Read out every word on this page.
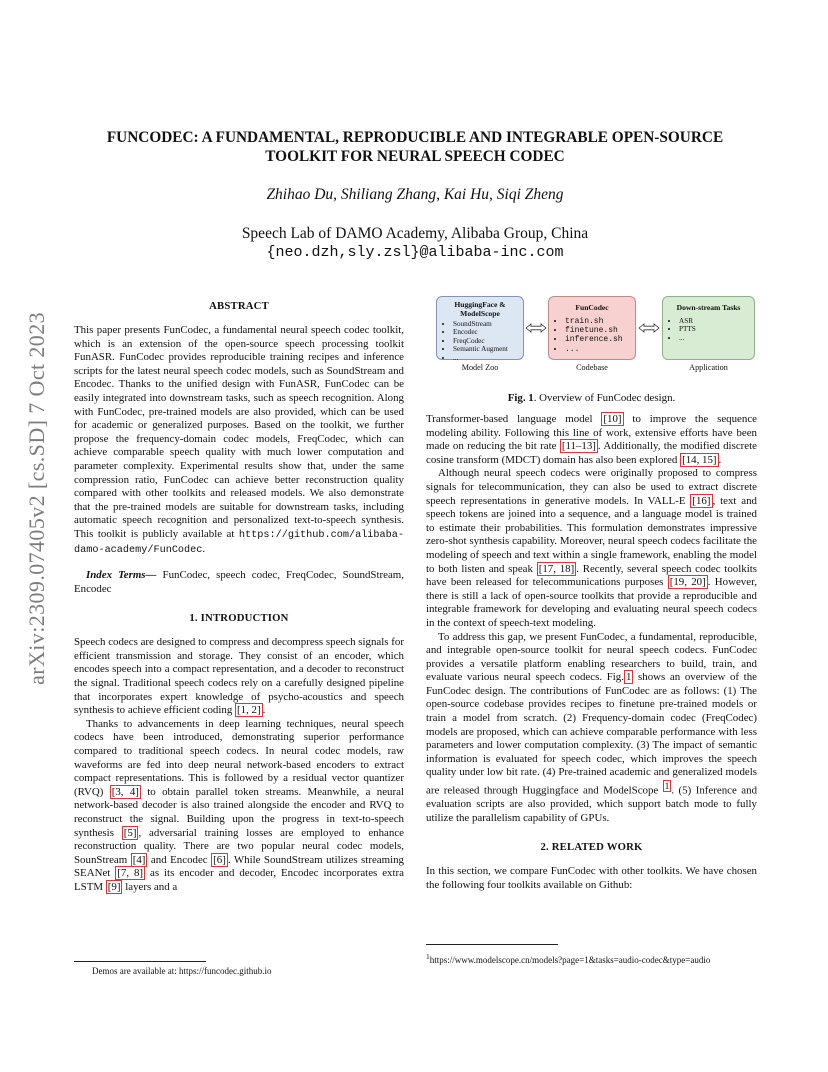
arXiv:2309.07405v2 [cs.SD] 7 Oct 2023
FUNCODEC: A FUNDAMENTAL, REPRODUCIBLE AND INTEGRABLE OPEN-SOURCE
TOOLKIT FOR NEURAL SPEECH CODEC
Zhihao Du, Shiliang Zhang, Kai Hu, Siqi Zheng
Speech Lab of DAMO Academy, Alibaba Group, China
{neo.dzh,sly.zsl}@alibaba-inc.com
ABSTRACT

This paper presents FunCodec, a fundamental neural speech codec toolkit, which is an extension of the open-source speech processing toolkit FunASR. FunCodec provides reproducible training recipes and inference scripts for the latest neural speech codec models, such as SoundStream and Encodec. Thanks to the unified design with FunASR, FunCodec can be easily integrated into downstream tasks, such as speech recognition. Along with FunCodec, pre-trained models are also provided, which can be used for academic or generalized purposes. Based on the toolkit, we further propose the frequency-domain codec models, FreqCodec, which can achieve comparable speech quality with much lower computation and parameter complexity. Experimental results show that, under the same compression ratio, FunCodec can achieve better reconstruction quality compared with other toolkits and released models. We also demonstrate that the pre-trained models are suitable for downstream tasks, including automatic speech recognition and personalized text-to-speech synthesis. This toolkit is publicly available at https://github.com/alibaba-damo-academy/FunCodec.

Index Terms— FunCodec, speech codec, FreqCodec, SoundStream, Encodec

1. INTRODUCTION

Speech codecs are designed to compress and decompress speech signals for efficient transmission and storage. They consist of an encoder, which encodes speech into a compact representation, and a decoder to reconstruct the signal. Traditional speech codecs rely on a carefully designed pipeline that incorporates expert knowledge of psycho-acoustics and speech synthesis to achieve efficient coding [1, 2] .

Thanks to advancements in deep learning techniques, neural speech codecs have been introduced, demonstrating superior performance compared to traditional speech codecs. In neural codec models, raw waveforms are fed into deep neural network-based encoders to extract compact representations. This is followed by a residual vector quantizer (RVQ) [3, 4] to obtain parallel token streams. Meanwhile, a neural network-based decoder is also trained alongside the encoder and RVQ to reconstruct the signal. Building upon the progress in text-to-speech synthesis [5] , adversarial training losses are employed to enhance reconstruction quality. There are two popular neural codec models, SounStream [4] and Encodec [6] . While SoundStream utilizes streaming SEANet [7, 8] as its encoder and decoder, Encodec incorporates extra LSTM [9] layers and a

Demos are available at: https://funcodec.github.io
HuggingFace & ModelScope
• SoundStream
• Encodec
• FreqCodec
• Semantic Augment
• ...
FunCodec
• train.sh
• finetune.sh
• inference.sh
• ...
Down-stream Tasks
• ASR
• PTTS
• ...
Model Zoo	Codebase	Application
Fig. 1. Overview of FunCodec design.

Transformer-based language model [10] to improve the sequence modeling ability. Following this line of work, extensive efforts have been made on reducing the bit rate [11–13] . Additionally, the modified discrete cosine transform (MDCT) domain has also been explored [14, 15] .

Although neural speech codecs were originally proposed to compress signals for telecommunication, they can also be used to extract discrete speech representations in generative models. In VALL-E [16] , text and speech tokens are joined into a sequence, and a language model is trained to estimate their probabilities. This formulation demonstrates impressive zero-shot synthesis capability. Moreover, neural speech codecs facilitate the modeling of speech and text within a single framework, enabling the model to both listen and speak [17, 18] . Recently, several speech codec toolkits have been released for telecommunications purposes [19, 20] . However, there is still a lack of open-source toolkits that provide a reproducible and integrable framework for developing and evaluating neural speech codecs in the context of speech-text modeling.

To address this gap, we present FunCodec, a fundamental, reproducible, and integrable open-source toolkit for neural speech codecs. FunCodec provides a versatile platform enabling researchers to build, train, and evaluate various neural speech codecs. Fig. 1 shows an overview of the FunCodec design. The contributions of FunCodec are as follows: (1) The open-source codebase provides recipes to finetune pre-trained models or train a model from scratch. (2) Frequency-domain codec (FreqCodec) models are proposed, which can achieve comparable performance with less parameters and lower computation complexity. (3) The impact of semantic information is evaluated for speech codec, which improves the speech quality under low bit rate. (4) Pre-trained academic and generalized models are released through Huggingface and ModelScope $^1$ . (5) Inference and evaluation scripts are also provided, which support batch mode to fully utilize the parallelism capability of GPUs.

2. RELATED WORK

In this section, we compare FunCodec with other toolkits. We have chosen the following four toolkits available on Github:

$^1$https://www.modelscope.cn/models?page=1&tasks=audio-codec&type=audio
